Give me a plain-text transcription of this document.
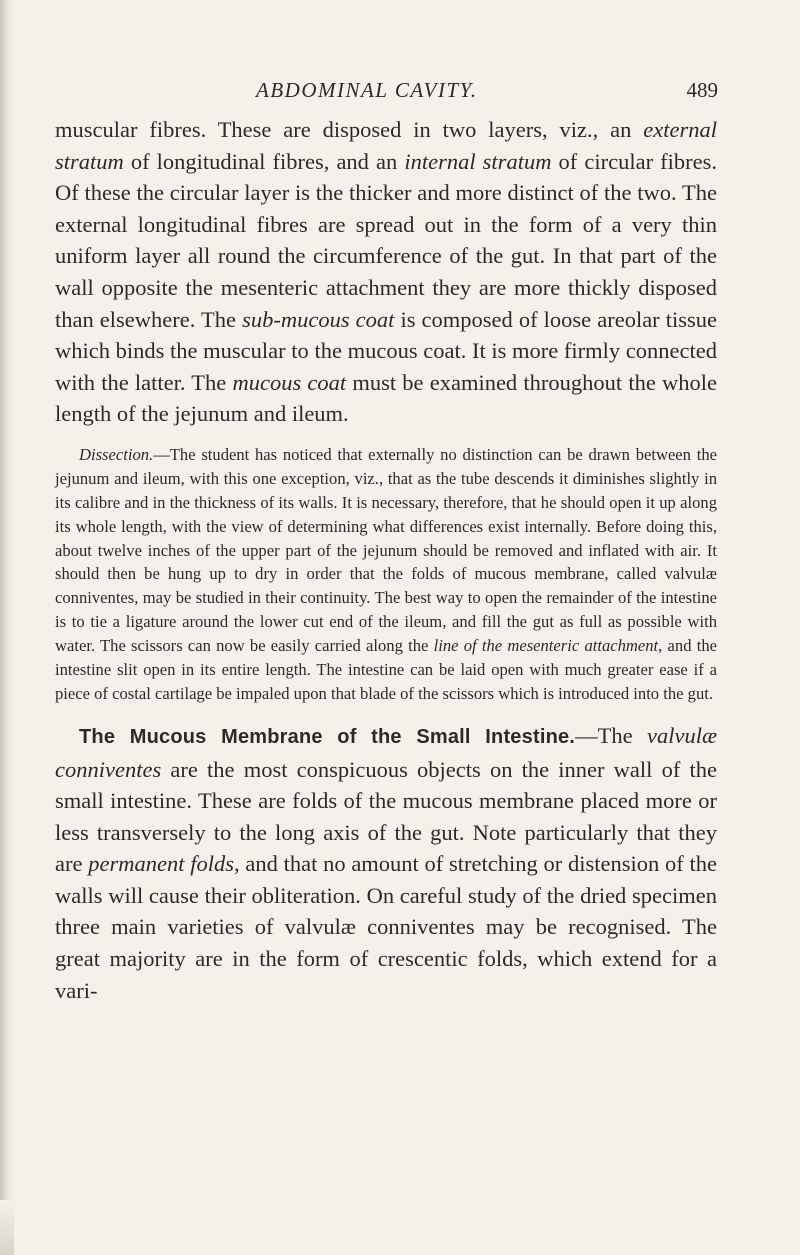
ABDOMINAL CAVITY.	489

muscular fibres. These are disposed in two layers, viz., an external stratum of longitudinal fibres, and an internal stratum of circular fibres. Of these the circular layer is the thicker and more distinct of the two. The external longitudinal fibres are spread out in the form of a very thin uniform layer all round the circumference of the gut. In that part of the wall opposite the mesenteric attachment they are more thickly disposed than elsewhere. The sub-mucous coat is composed of loose areolar tissue which binds the muscular to the mucous coat. It is more firmly connected with the latter. The mucous coat must be examined throughout the whole length of the jejunum and ileum.

Dissection.—The student has noticed that externally no distinction can be drawn between the jejunum and ileum, with this one exception, viz., that as the tube descends it diminishes slightly in its calibre and in the thickness of its walls. It is necessary, therefore, that he should open it up along its whole length, with the view of determining what differences exist internally. Before doing this, about twelve inches of the upper part of the jejunum should be removed and inflated with air. It should then be hung up to dry in order that the folds of mucous membrane, called valvulæ conniventes, may be studied in their continuity. The best way to open the remainder of the intestine is to tie a ligature around the lower cut end of the ileum, and fill the gut as full as possible with water. The scissors can now be easily carried along the line of the mesenteric attachment, and the intestine slit open in its entire length. The intestine can be laid open with much greater ease if a piece of costal cartilage be impaled upon that blade of the scissors which is introduced into the gut.

The Mucous Membrane of the Small Intestine.—The valvulæ conniventes are the most conspicuous objects on the inner wall of the small intestine. These are folds of the mucous membrane placed more or less transversely to the long axis of the gut. Note particularly that they are permanent folds, and that no amount of stretching or distension of the walls will cause their obliteration. On careful study of the dried specimen three main varieties of valvulæ conniventes may be recognised. The great majority are in the form of crescentic folds, which extend for a vari-
